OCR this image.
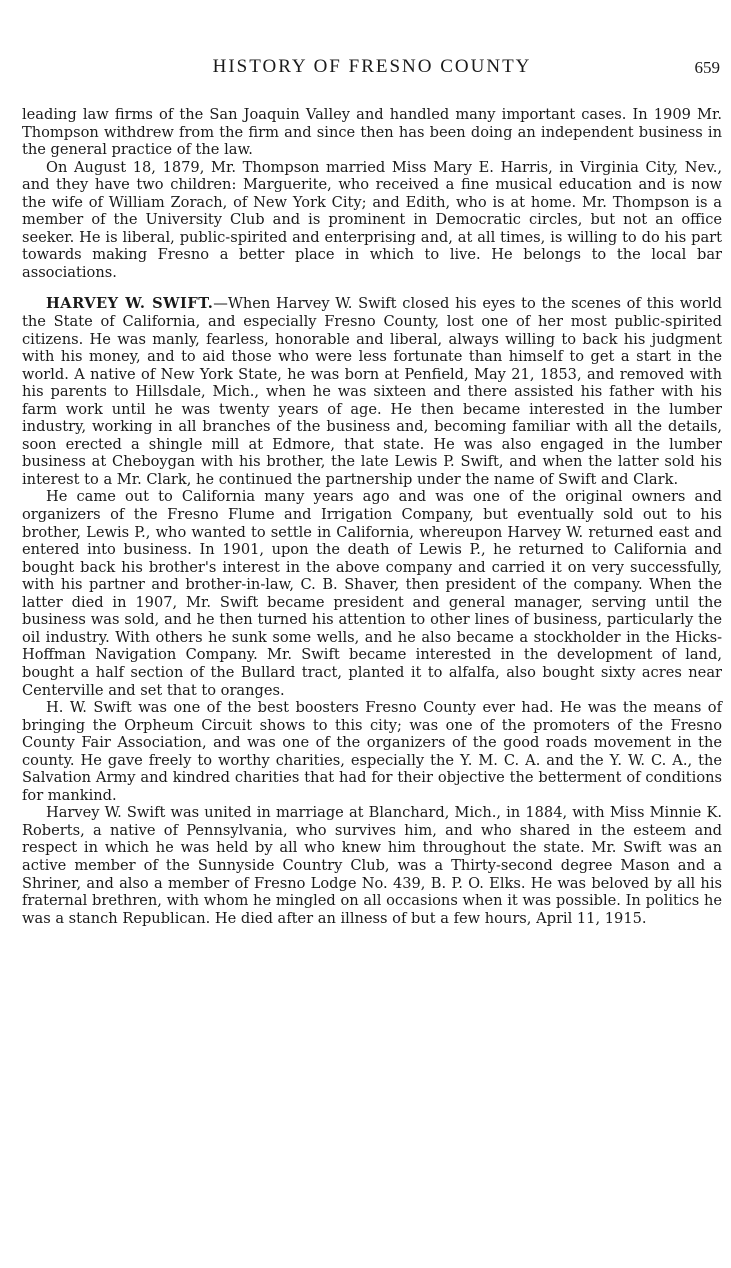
HISTORY OF FRESNO COUNTY	659

leading law firms of the San Joaquin Valley and handled many important cases. In 1909 Mr. Thompson withdrew from the firm and since then has been doing an independent business in the general practice of the law.

On August 18, 1879, Mr. Thompson married Miss Mary E. Harris, in Virginia City, Nev., and they have two children: Marguerite, who received a fine musical education and is now the wife of William Zorach, of New York City; and Edith, who is at home. Mr. Thompson is a member of the University Club and is prominent in Democratic circles, but not an office seeker. He is liberal, public-spirited and enterprising and, at all times, is willing to do his part towards making Fresno a better place in which to live. He belongs to the local bar associations.

HARVEY W. SWIFT.—When Harvey W. Swift closed his eyes to the scenes of this world the State of California, and especially Fresno County, lost one of her most public-spirited citizens. He was manly, fearless, honorable and liberal, always willing to back his judgment with his money, and to aid those who were less fortunate than himself to get a start in the world. A native of New York State, he was born at Penfield, May 21, 1853, and removed with his parents to Hillsdale, Mich., when he was sixteen and there assisted his father with his farm work until he was twenty years of age. He then became interested in the lumber industry, working in all branches of the business and, becoming familiar with all the details, soon erected a shingle mill at Edmore, that state. He was also engaged in the lumber business at Cheboygan with his brother, the late Lewis P. Swift, and when the latter sold his interest to a Mr. Clark, he continued the partnership under the name of Swift and Clark.

He came out to California many years ago and was one of the original owners and organizers of the Fresno Flume and Irrigation Company, but eventually sold out to his brother, Lewis P., who wanted to settle in California, whereupon Harvey W. returned east and entered into business. In 1901, upon the death of Lewis P., he returned to California and bought back his brother's interest in the above company and carried it on very successfully, with his partner and brother-in-law, C. B. Shaver, then president of the company. When the latter died in 1907, Mr. Swift became president and general manager, serving until the business was sold, and he then turned his attention to other lines of business, particularly the oil industry. With others he sunk some wells, and he also became a stockholder in the Hicks-Hoffman Navigation Company. Mr. Swift became interested in the development of land, bought a half section of the Bullard tract, planted it to alfalfa, also bought sixty acres near Centerville and set that to oranges.

H. W. Swift was one of the best boosters Fresno County ever had. He was the means of bringing the Orpheum Circuit shows to this city; was one of the promoters of the Fresno County Fair Association, and was one of the organizers of the good roads movement in the county. He gave freely to worthy charities, especially the Y. M. C. A. and the Y. W. C. A., the Salvation Army and kindred charities that had for their objective the betterment of conditions for mankind.

Harvey W. Swift was united in marriage at Blanchard, Mich., in 1884, with Miss Minnie K. Roberts, a native of Pennsylvania, who survives him, and who shared in the esteem and respect in which he was held by all who knew him throughout the state. Mr. Swift was an active member of the Sunnyside Country Club, was a Thirty-second degree Mason and a Shriner, and also a member of Fresno Lodge No. 439, B. P. O. Elks. He was beloved by all his fraternal brethren, with whom he mingled on all occasions when it was possible. In politics he was a stanch Republican. He died after an illness of but a few hours, April 11, 1915.
